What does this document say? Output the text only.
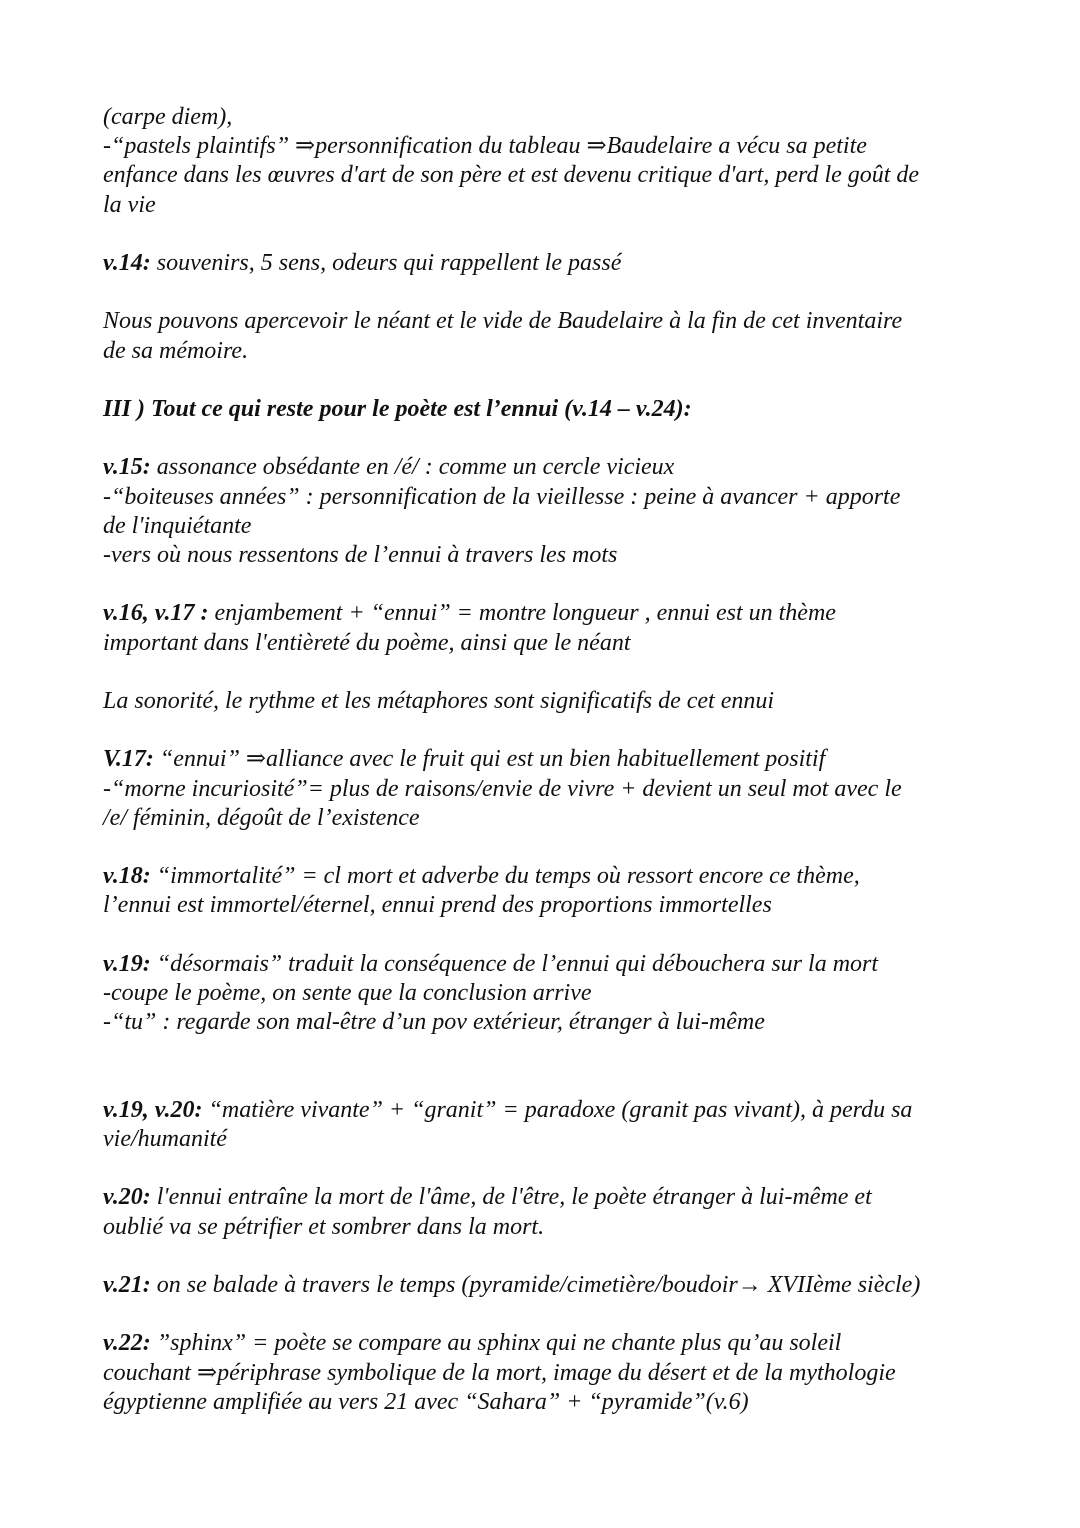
(carpe diem),
-“pastels plaintifs” ⇒personnification du tableau ⇒Baudelaire a vécu sa petite
enfance dans les œuvres d'art de son père et est devenu critique d'art, perd le goût de
la vie
v.14: souvenirs, 5 sens, odeurs qui rappellent le passé
Nous pouvons apercevoir le néant et le vide de Baudelaire à la fin de cet inventaire
de sa mémoire.
III ) Tout ce qui reste pour le poète est l’ennui (v.14 – v.24):
v.15: assonance obsédante en /é/ : comme un cercle vicieux
-“boiteuses années” : personnification de la vieillesse : peine à avancer + apporte
de l'inquiétante
-vers où nous ressentons de l’ennui à travers les mots
v.16, v.17 : enjambement + “ennui” = montre longueur , ennui est un thème
important dans l'entièreté du poème, ainsi que le néant
La sonorité, le rythme et les métaphores sont significatifs de cet ennui
V.17: “ennui” ⇒alliance avec le fruit qui est un bien habituellement positif
-“morne incuriosité”= plus de raisons/envie de vivre + devient un seul mot avec le
/e/ féminin, dégoût de l’existence
v.18: “immortalité” = cl mort et adverbe du temps où ressort encore ce thème,
l’ennui est immortel/éternel, ennui prend des proportions immortelles
v.19: “désormais” traduit la conséquence de l’ennui qui débouchera sur la mort
-coupe le poème, on sente que la conclusion arrive
-“tu” : regarde son mal-être d’un pov extérieur, étranger à lui-même
v.19, v.20: “matière vivante” + “granit” = paradoxe (granit pas vivant), à perdu sa
vie/humanité
v.20: l'ennui entraîne la mort de l'âme, de l'être, le poète étranger à lui-même et
oublié va se pétrifier et sombrer dans la mort.
v.21: on se balade à travers le temps (pyramide/cimetière/boudoir→ XVIIème siècle)
v.22: ”sphinx” = poète se compare au sphinx qui ne chante plus qu’au soleil
couchant ⇒périphrase symbolique de la mort, image du désert et de la mythologie
égyptienne amplifiée au vers 21 avec “Sahara” + “pyramide”(v.6)
